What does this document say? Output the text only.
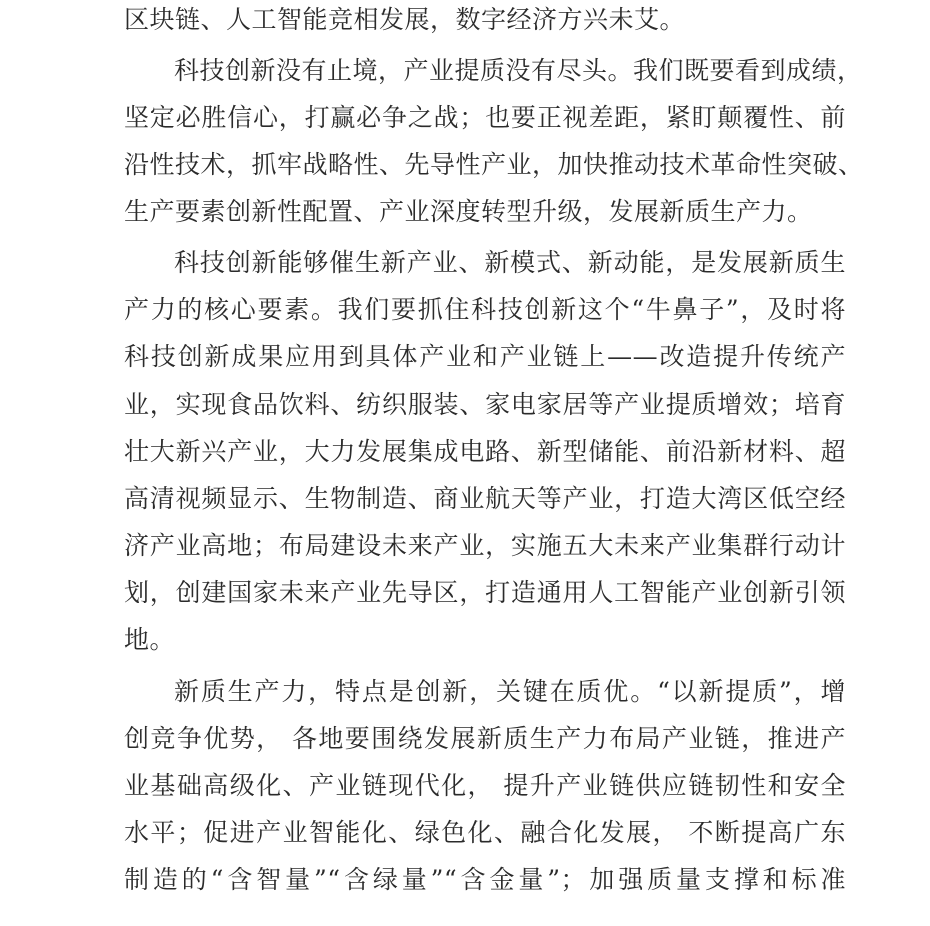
区块链、人工智能竞相发展，数字经济方兴未艾。
科技创新没有止境，产业提质没有尽头。我们既要看到成绩，
坚定必胜信心，打赢必争之战；也要正视差距，紧盯颠覆性、前
沿性技术，抓牢战略性、先导性产业，加快推动技术革命性突破、
生产要素创新性配置、产业深度转型升级，发展新质生产力。
科技创新能够催生新产业、新模式、新动能，是发展新质生
产力的核心要素。我们要抓住科技创新这个“牛鼻子”，及时将
科技创新成果应用到具体产业和产业链上——改造提升传统产
业，实现食品饮料、纺织服装、家电家居等产业提质增效；培育
壮大新兴产业，大力发展集成电路、新型储能、前沿新材料、超
高清视频显示、生物制造、商业航天等产业，打造大湾区低空经
济产业高地；布局建设未来产业，实施五大未来产业集群行动计
划，创建国家未来产业先导区，打造通用人工智能产业创新引领
地。
新质生产力，特点是创新，关键在质优。“以新提质”，增
创竞争优势， 各地要围绕发展新质生产力布局产业链，推进产
业基础高级化、产业链现代化， 提升产业链供应链韧性和安全
水平；促进产业智能化、绿色化、融合化发展， 不断提高广东
制造的“含智量”“含绿量”“含金量”；加强质量支撑和标准
